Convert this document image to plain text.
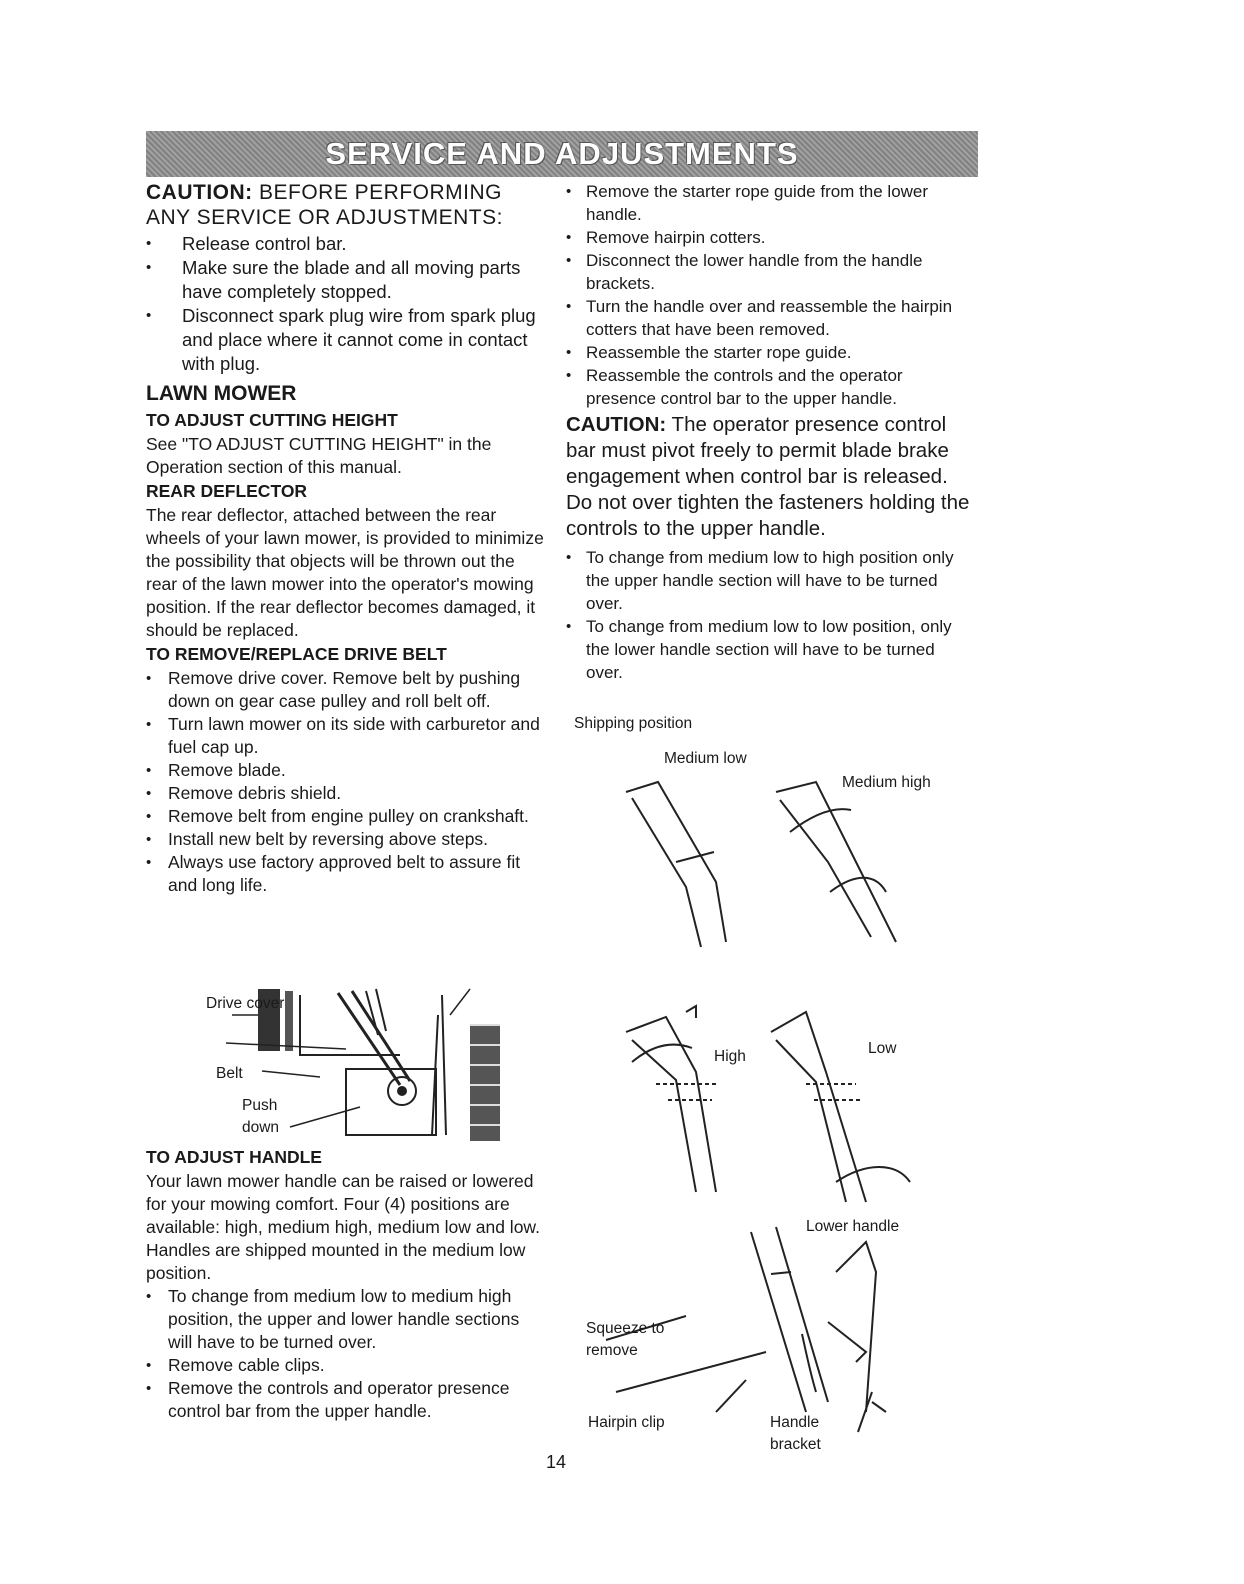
SERVICE AND ADJUSTMENTS
CAUTION: BEFORE PERFORMING ANY SERVICE OR ADJUSTMENTS:
• Release control bar.
• Make sure the blade and all moving parts have completely stopped.
• Disconnect spark plug wire from spark plug and place where it cannot come in contact with plug.
LAWN MOWER
TO ADJUST CUTTING HEIGHT

See "TO ADJUST CUTTING HEIGHT" in the Operation section of this manual.

REAR DEFLECTOR

The rear deflector, attached between the rear wheels of your lawn mower, is provided to minimize the possibility that objects will be thrown out the rear of the lawn mower into the operator's mowing position. If the rear deflector becomes damaged, it should be replaced.

TO REMOVE/REPLACE DRIVE BELT
• Remove drive cover. Remove belt by pushing down on gear case pulley and roll belt off.
• Turn lawn mower on its side with carburetor and fuel cap up.
• Remove blade.
• Remove debris shield.
• Remove belt from engine pulley on crankshaft.
• Install new belt by reversing above steps.
• Always use factory approved belt to assure fit and long life.
Drive cover
Belt
Push down
TO ADJUST HANDLE

Your lawn mower handle can be raised or lowered for your mowing comfort. Four (4) positions are available: high, medium high, medium low and low. Handles are shipped mounted in the medium low position.

• To change from medium low to medium high position, the upper and lower handle sections will have to be turned over.
• Remove cable clips.
• Remove the controls and operator presence control bar from the upper handle.
• Remove the starter rope guide from the lower handle.
• Remove hairpin cotters.
• Disconnect the lower handle from the handle brackets.
• Turn the handle over and reassemble the hairpin cotters that have been removed.
• Reassemble the starter rope guide.
• Reassemble the controls and the operator presence control bar to the upper handle.
CAUTION: The operator presence control bar must pivot freely to permit blade brake engagement when control bar is released. Do not over tighten the fasteners holding the controls to the upper handle.
• To change from medium low to high position only the upper handle section will have to be turned over.
• To change from medium low to low position, only the lower handle section will have to be turned over.
Shipping position
Medium low
Medium high
High	Low
Lower handle
Squeeze to remove
Hairpin clip	Handle bracket
14
